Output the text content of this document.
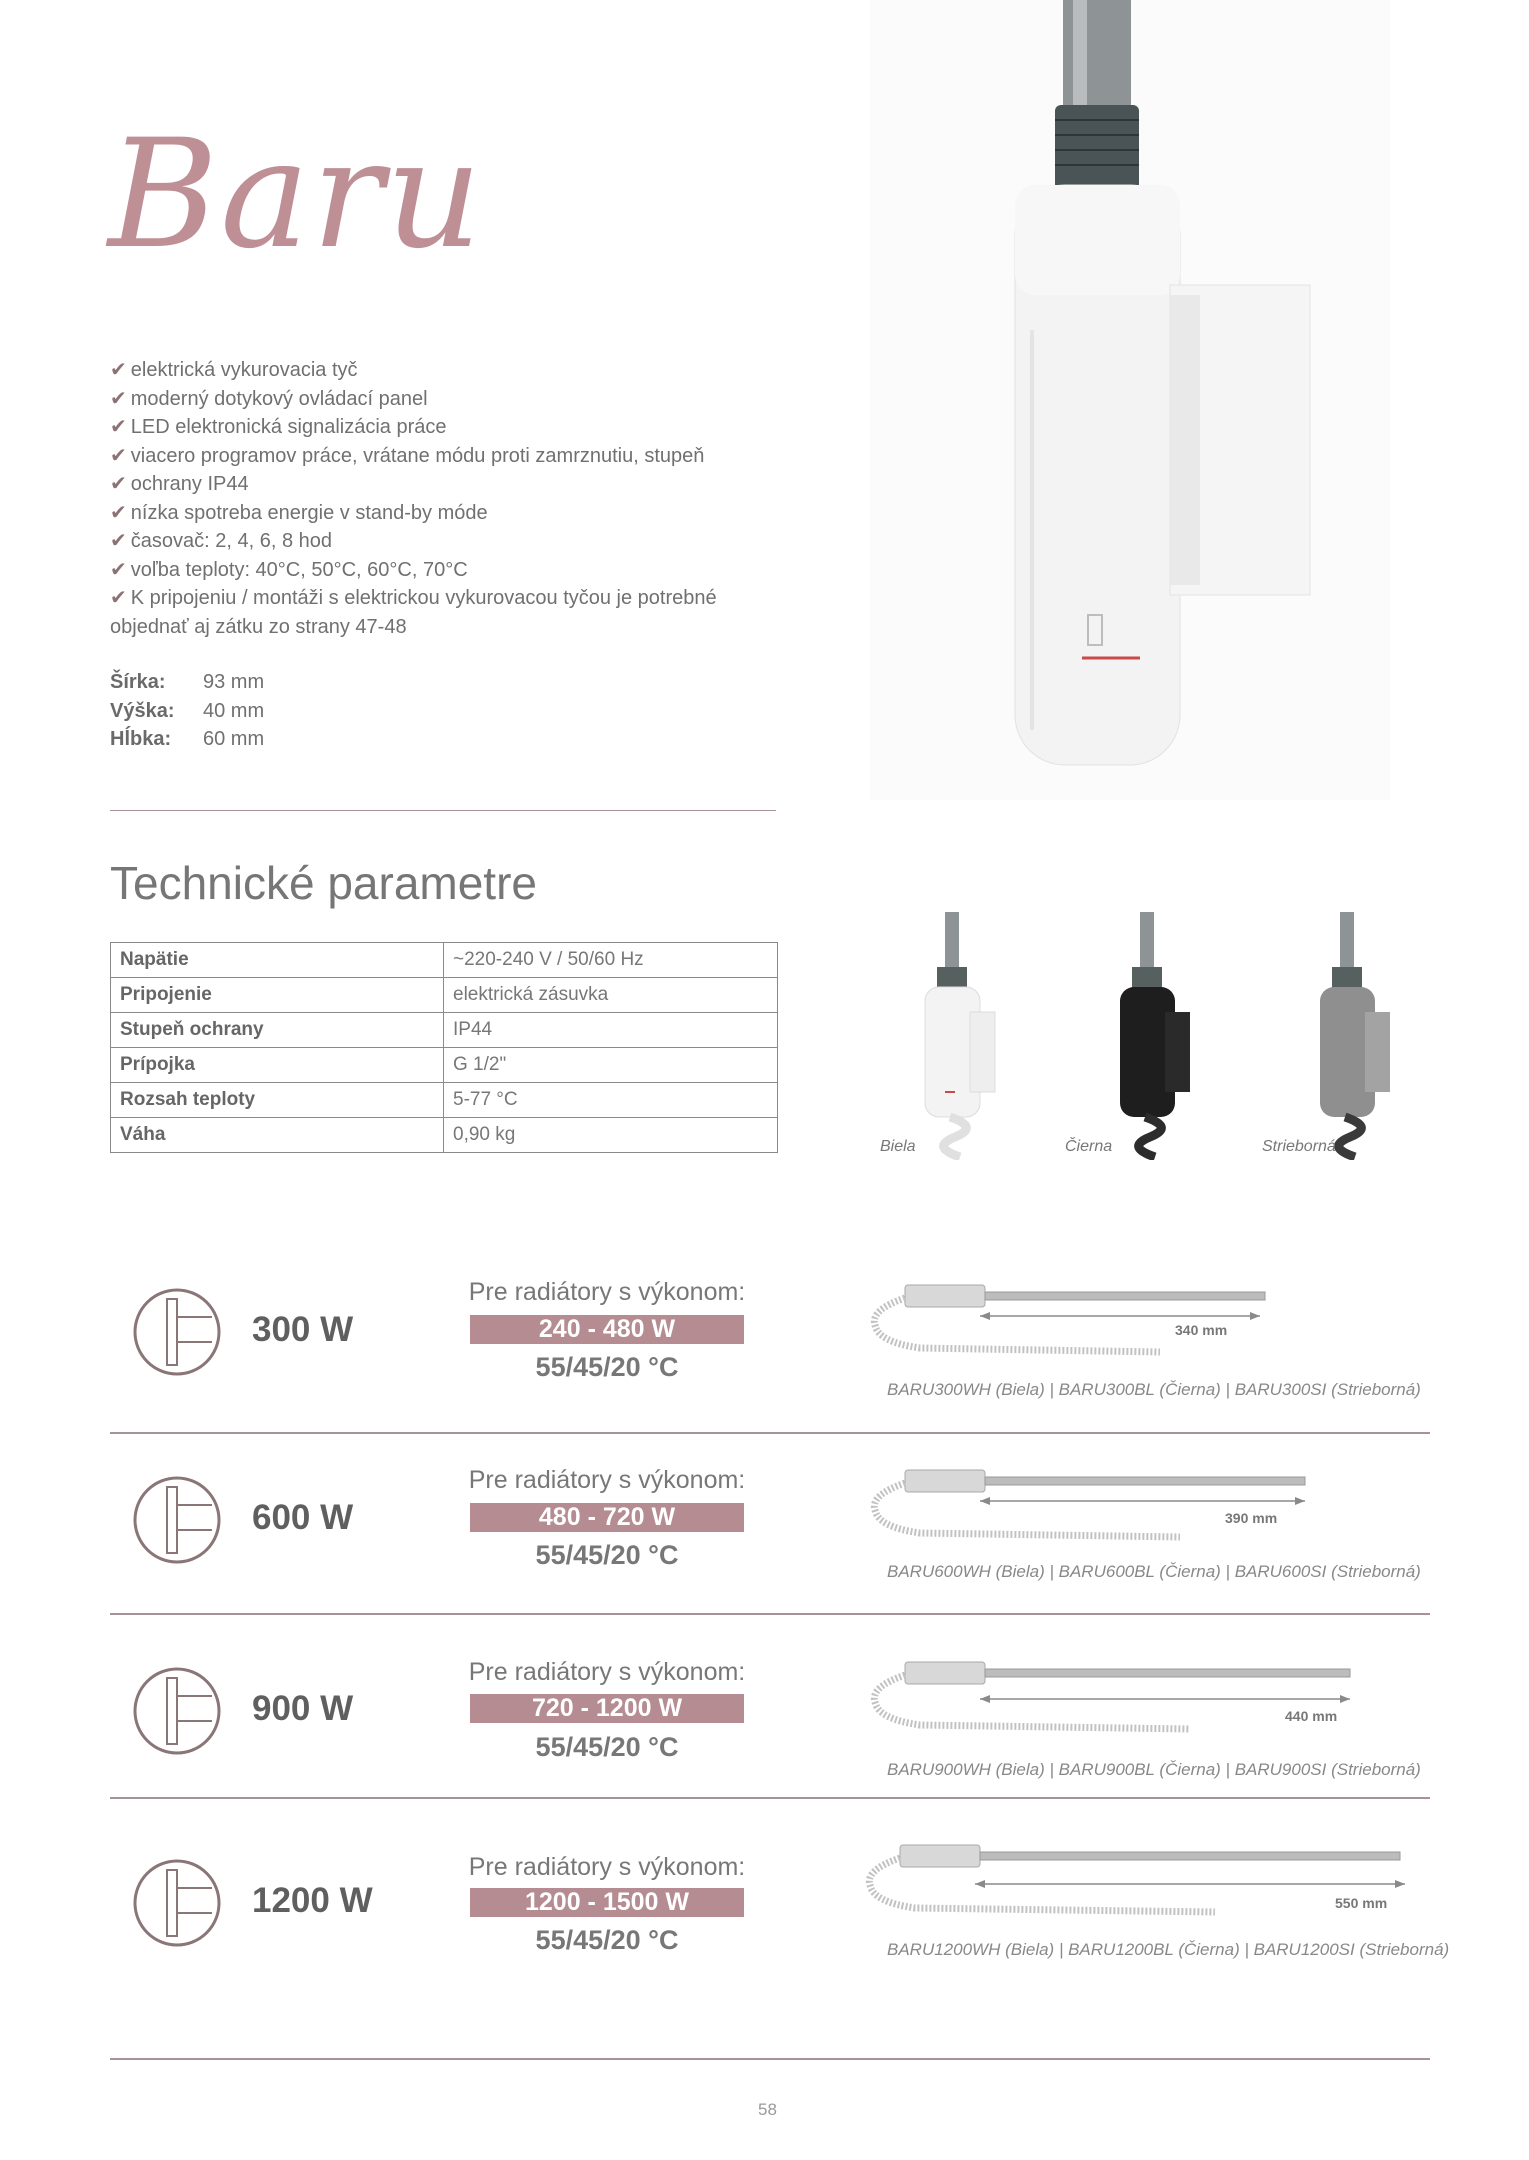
Baru
✔ elektrická vykurovacia tyč
✔ moderný dotykový ovládací panel
✔ LED elektronická signalizácia práce
✔ viacero programov práce, vrátane módu proti zamrznutiu, stupeň
✔ ochrany IP44
✔ nízka spotreba energie v stand-by móde
✔ časovač: 2, 4, 6, 8 hod
✔ voľba teploty: 40°C, 50°C, 60°C, 70°C
✔ K pripojeniu / montáži s elektrickou vykurovacou tyčou je potrebné objednať aj zátku zo strany 47-48
Šírka:	93 mm
Výška:	40 mm
Hĺbka:	60 mm
Technické parametre
Napätie	~220-240 V / 50/60 Hz
Pripojenie	elektrická zásuvka
Stupeň ochrany	IP44
Prípojka	G 1/2"
Rozsah teploty	5-77 °C
Váha	0,90 kg
Biela	Čierna	Strieborná
300 W
Pre radiátory s výkonom:
240 - 480 W
55/45/20 °C
340 mm
BARU300WH (Biela) | BARU300BL (Čierna) | BARU300SI (Strieborná)
600 W
Pre radiátory s výkonom:
480 - 720 W
55/45/20 °C
390 mm
BARU600WH (Biela) | BARU600BL (Čierna) | BARU600SI (Strieborná)
900 W
Pre radiátory s výkonom:
720 - 1200 W
55/45/20 °C
440 mm
BARU900WH (Biela) | BARU900BL (Čierna) | BARU900SI (Strieborná)
1200 W
Pre radiátory s výkonom:
1200 - 1500 W
55/45/20 °C
550 mm
BARU1200WH (Biela) | BARU1200BL (Čierna) | BARU1200SI (Strieborná)
58
